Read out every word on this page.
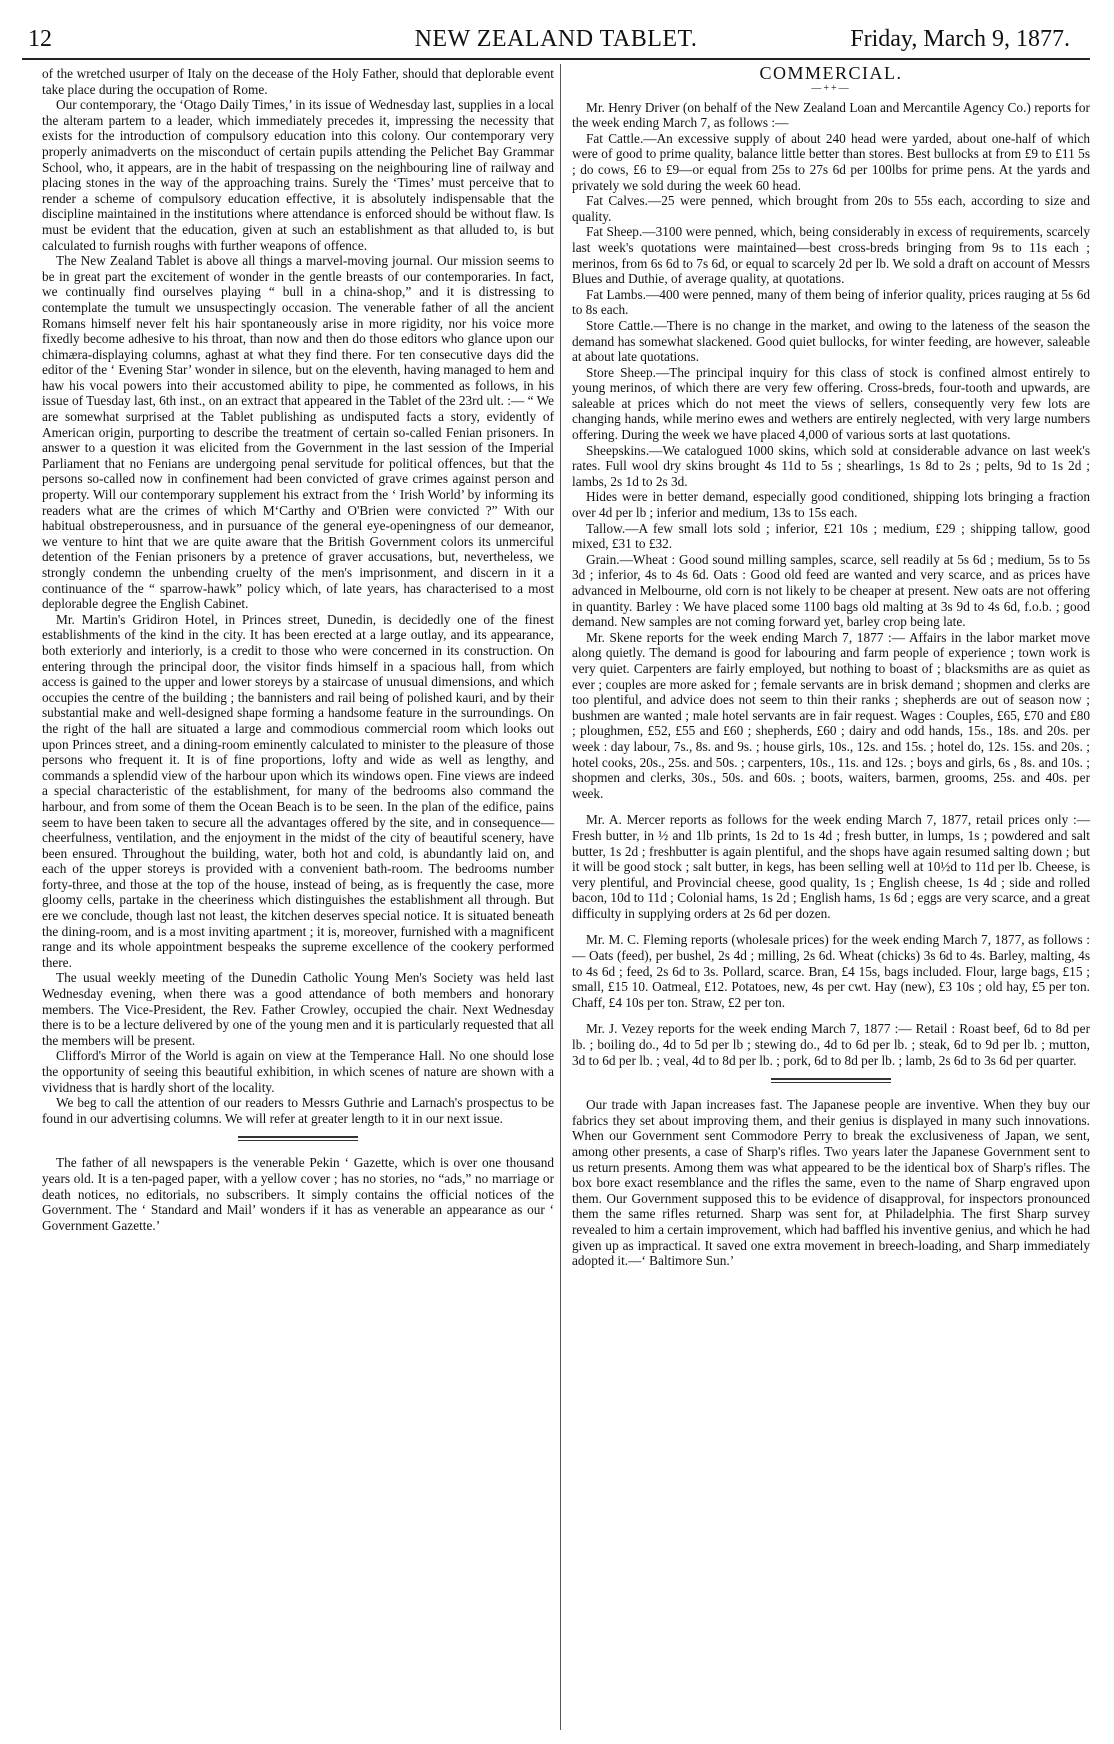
12	NEW ZEALAND TABLET.	Friday, March 9, 1877.

of the wretched usurper of Italy on the decease of the Holy Father, should that deplorable event take place during the occupation of Rome.

Our contemporary, the ‘Otago Daily Times,’ in its issue of Wednesday last, supplies in a local the alteram partem to a leader, which immediately precedes it, impressing the necessity that exists for the introduction of compulsory education into this colony. Our contemporary very properly animadverts on the misconduct of certain pupils attending the Pelichet Bay Grammar School, who, it appears, are in the habit of trespassing on the neighbouring line of railway and placing stones in the way of the approaching trains. Surely the ‘Times’ must perceive that to render a scheme of compulsory education effective, it is absolutely indispensable that the discipline maintained in the institutions where attendance is enforced should be without flaw. Is must be evident that the education, given at such an establishment as that alluded to, is but calculated to furnish roughs with further weapons of offence.

The New Zealand Tablet is above all things a marvel-moving journal. Our mission seems to be in great part the excitement of wonder in the gentle breasts of our contemporaries. In fact, we continually find ourselves playing “ bull in a china-shop,” and it is distressing to contemplate the tumult we unsuspectingly occasion. The venerable father of all the ancient Romans himself never felt his hair spontaneously arise in more rigidity, nor his voice more fixedly become adhesive to his throat, than now and then do those editors who glance upon our chimæra-displaying columns, aghast at what they find there. For ten consecutive days did the editor of the ‘ Evening Star’ wonder in silence, but on the eleventh, having managed to hem and haw his vocal powers into their accustomed ability to pipe, he commented as follows, in his issue of Tuesday last, 6th inst., on an extract that appeared in the Tablet of the 23rd ult. :— “ We are somewhat surprised at the Tablet publishing as undisputed facts a story, evidently of American origin, purporting to describe the treatment of certain so-called Fenian prisoners. In answer to a question it was elicited from the Government in the last session of the Imperial Parliament that no Fenians are undergoing penal servitude for political offences, but that the persons so-called now in confinement had been convicted of grave crimes against person and property. Will our contemporary supplement his extract from the ‘ Irish World’ by informing its readers what are the crimes of which M‘Carthy and O'Brien were convicted ?” With our habitual obstreperousness, and in pursuance of the general eye-openingness of our demeanor, we venture to hint that we are quite aware that the British Government colors its unmerciful detention of the Fenian prisoners by a pretence of graver accusations, but, nevertheless, we strongly condemn the unbending cruelty of the men's imprisonment, and discern in it a continuance of the “ sparrow-hawk” policy which, of late years, has characterised to a most deplorable degree the English Cabinet.

Mr. Martin's Gridiron Hotel, in Princes street, Dunedin, is decidedly one of the finest establishments of the kind in the city. It has been erected at a large outlay, and its appearance, both exteriorly and interiorly, is a credit to those who were concerned in its construction. On entering through the principal door, the visitor finds himself in a spacious hall, from which access is gained to the upper and lower storeys by a staircase of unusual dimensions, and which occupies the centre of the building ; the bannisters and rail being of polished kauri, and by their substantial make and well-designed shape forming a handsome feature in the surroundings. On the right of the hall are situated a large and commodious commercial room which looks out upon Princes street, and a dining-room eminently calculated to minister to the pleasure of those persons who frequent it. It is of fine proportions, lofty and wide as well as lengthy, and commands a splendid view of the harbour upon which its windows open. Fine views are indeed a special characteristic of the establishment, for many of the bedrooms also command the harbour, and from some of them the Ocean Beach is to be seen. In the plan of the edifice, pains seem to have been taken to secure all the advantages offered by the site, and in consequence—cheerfulness, ventilation, and the enjoyment in the midst of the city of beautiful scenery, have been ensured. Throughout the building, water, both hot and cold, is abundantly laid on, and each of the upper storeys is provided with a convenient bath-room. The bedrooms number forty-three, and those at the top of the house, instead of being, as is frequently the case, more gloomy cells, partake in the cheeriness which distinguishes the establishment all through. But ere we conclude, though last not least, the kitchen deserves special notice. It is situated beneath the dining-room, and is a most inviting apartment ; it is, moreover, furnished with a magnificent range and its whole appointment bespeaks the supreme excellence of the cookery performed there.

The usual weekly meeting of the Dunedin Catholic Young Men's Society was held last Wednesday evening, when there was a good attendance of both members and honorary members. The Vice-President, the Rev. Father Crowley, occupied the chair. Next Wednesday there is to be a lecture delivered by one of the young men and it is particularly requested that all the members will be present.

Clifford's Mirror of the World is again on view at the Temperance Hall. No one should lose the opportunity of seeing this beautiful exhibition, in which scenes of nature are shown with a vividness that is hardly short of the locality.

We beg to call the attention of our readers to Messrs Guthrie and Larnach's prospectus to be found in our advertising columns. We will refer at greater length to it in our next issue.

The father of all newspapers is the venerable Pekin ‘ Gazette, which is over one thousand years old. It is a ten-paged paper, with a yellow cover ; has no stories, no “ads,” no marriage or death notices, no editorials, no subscribers. It simply contains the official notices of the Government. The ‘ Standard and Mail’ wonders if it has as venerable an appearance as our ‘ Government Gazette.’

COMMERCIAL.
—++—

Mr. Henry Driver (on behalf of the New Zealand Loan and Mercantile Agency Co.) reports for the week ending March 7, as follows :—

Fat Cattle.—An excessive supply of about 240 head were yarded, about one-half of which were of good to prime quality, balance little better than stores. Best bullocks at from £9 to £11 5s ; do cows, £6 to £9—or equal from 25s to 27s 6d per 100lbs for prime pens. At the yards and privately we sold during the week 60 head.

Fat Calves.—25 were penned, which brought from 20s to 55s each, according to size and quality.

Fat Sheep.—3100 were penned, which, being considerably in excess of requirements, scarcely last week's quotations were maintained—best cross-breds bringing from 9s to 11s each ; merinos, from 6s 6d to 7s 6d, or equal to scarcely 2d per lb. We sold a draft on account of Messrs Blues and Duthie, of average quality, at quotations.

Fat Lambs.—400 were penned, many of them being of inferior quality, prices rauging at 5s 6d to 8s each.

Store Cattle.—There is no change in the market, and owing to the lateness of the season the demand has somewhat slackened. Good quiet bullocks, for winter feeding, are however, saleable at about late quotations.

Store Sheep.—The principal inquiry for this class of stock is confined almost entirely to young merinos, of which there are very few offering. Cross-breds, four-tooth and upwards, are saleable at prices which do not meet the views of sellers, consequently very few lots are changing hands, while merino ewes and wethers are entirely neglected, with very large numbers offering. During the week we have placed 4,000 of various sorts at last quotations.

Sheepskins.—We catalogued 1000 skins, which sold at considerable advance on last week's rates. Full wool dry skins brought 4s 11d to 5s ; shearlings, 1s 8d to 2s ; pelts, 9d to 1s 2d ; lambs, 2s 1d to 2s 3d.

Hides were in better demand, especially good conditioned, shipping lots bringing a fraction over 4d per lb ; inferior and medium, 13s to 15s each.

Tallow.—A few small lots sold ; inferior, £21 10s ; medium, £29 ; shipping tallow, good mixed, £31 to £32.

Grain.—Wheat : Good sound milling samples, scarce, sell readily at 5s 6d ; medium, 5s to 5s 3d ; inferior, 4s to 4s 6d. Oats : Good old feed are wanted and very scarce, and as prices have advanced in Melbourne, old corn is not likely to be cheaper at present. New oats are not offering in quantity. Barley : We have placed some 1100 bags old malting at 3s 9d to 4s 6d, f.o.b. ; good demand. New samples are not coming forward yet, barley crop being late.

Mr. Skene reports for the week ending March 7, 1877 :— Affairs in the labor market move along quietly. The demand is good for labouring and farm people of experience ; town work is very quiet. Carpenters are fairly employed, but nothing to boast of ; blacksmiths are as quiet as ever ; couples are more asked for ; female servants are in brisk demand ; shopmen and clerks are too plentiful, and advice does not seem to thin their ranks ; shepherds are out of season now ; bushmen are wanted ; male hotel servants are in fair request. Wages : Couples, £65, £70 and £80 ; ploughmen, £52, £55 and £60 ; shepherds, £60 ; dairy and odd hands, 15s., 18s. and 20s. per week : day labour, 7s., 8s. and 9s. ; house girls, 10s., 12s. and 15s. ; hotel do, 12s. 15s. and 20s. ; hotel cooks, 20s., 25s. and 50s. ; carpenters, 10s., 11s. and 12s. ; boys and girls, 6s , 8s. and 10s. ; shopmen and clerks, 30s., 50s. and 60s. ; boots, waiters, barmen, grooms, 25s. and 40s. per week.

Mr. A. Mercer reports as follows for the week ending March 7, 1877, retail prices only :—Fresh butter, in ½ and 1lb prints, 1s 2d to 1s 4d ; fresh butter, in lumps, 1s ; powdered and salt butter, 1s 2d ; freshbutter is again plentiful, and the shops have again resumed salting down ; but it will be good stock ; salt butter, in kegs, has been selling well at 10½d to 11d per lb. Cheese, is very plentiful, and Provincial cheese, good quality, 1s ; English cheese, 1s 4d ; side and rolled bacon, 10d to 11d ; Colonial hams, 1s 2d ; English hams, 1s 6d ; eggs are very scarce, and a great difficulty in supplying orders at 2s 6d per dozen.

Mr. M. C. Fleming reports (wholesale prices) for the week ending March 7, 1877, as follows : — Oats (feed), per bushel, 2s 4d ; milling, 2s 6d. Wheat (chicks) 3s 6d to 4s. Barley, malting, 4s to 4s 6d ; feed, 2s 6d to 3s. Pollard, scarce. Bran, £4 15s, bags included. Flour, large bags, £15 ; small, £15 10. Oatmeal, £12. Potatoes, new, 4s per cwt. Hay (new), £3 10s ; old hay, £5 per ton. Chaff, £4 10s per ton. Straw, £2 per ton.

Mr. J. Vezey reports for the week ending March 7, 1877 :— Retail : Roast beef, 6d to 8d per lb. ; boiling do., 4d to 5d per lb ; stewing do., 4d to 6d per lb. ; steak, 6d to 9d per lb. ; mutton, 3d to 6d per lb. ; veal, 4d to 8d per lb. ; pork, 6d to 8d per lb. ; lamb, 2s 6d to 3s 6d per quarter.

Our trade with Japan increases fast. The Japanese people are inventive. When they buy our fabrics they set about improving them, and their genius is displayed in many such innovations. When our Government sent Commodore Perry to break the exclusiveness of Japan, we sent, among other presents, a case of Sharp's rifles. Two years later the Japanese Government sent to us return presents. Among them was what appeared to be the identical box of Sharp's rifles. The box bore exact resemblance and the rifles the same, even to the name of Sharp engraved upon them. Our Government supposed this to be evidence of disapproval, for inspectors pronounced them the same rifles returned. Sharp was sent for, at Philadelphia. The first Sharp survey revealed to him a certain improvement, which had baffled his inventive genius, and which he had given up as impractical. It saved one extra movement in breech-loading, and Sharp immediately adopted it.—‘ Baltimore Sun.’
